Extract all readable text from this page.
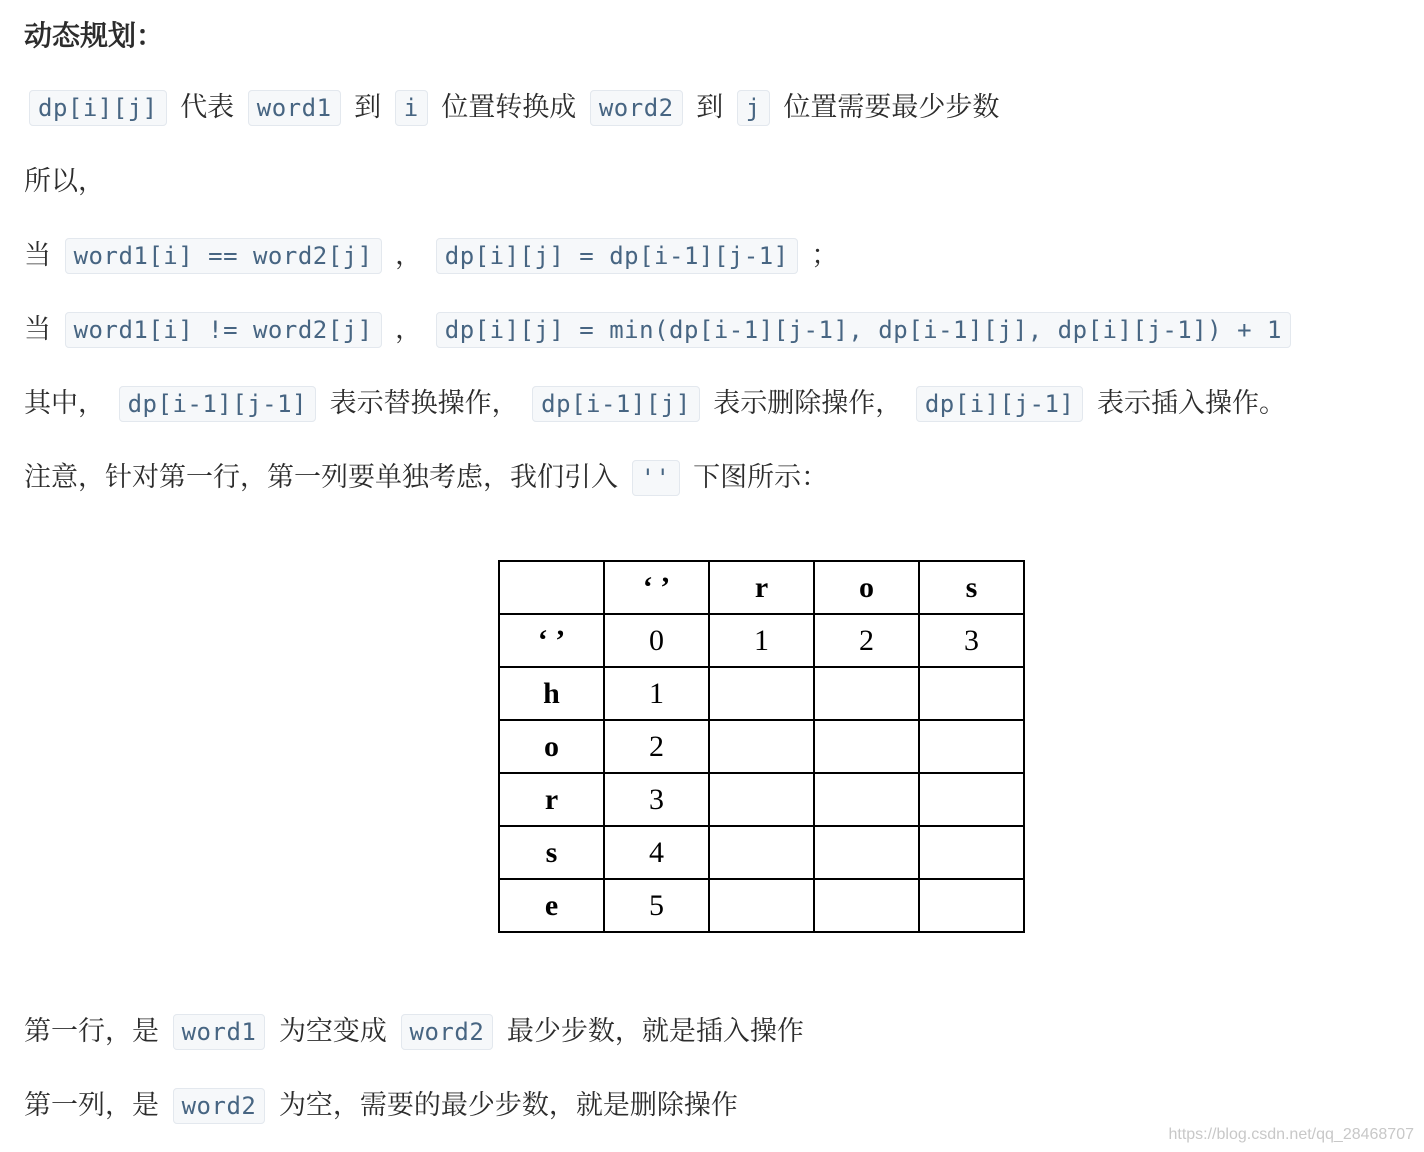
动态规划：
dp[i][j] 代表 word1 到 i 位置转换成 word2 到 j 位置需要最少步数
所以，
当 word1[i] == word2[j] ， dp[i][j] = dp[i-1][j-1] ；
当 word1[i] != word2[j] ， dp[i][j] = min(dp[i-1][j-1], dp[i-1][j], dp[i][j-1]) + 1
其中， dp[i-1][j-1] 表示替换操作， dp[i-1][j] 表示删除操作， dp[i][j-1] 表示插入操作。
注意，针对第一行，第一列要单独考虑，我们引入 '' 下图所示：
	‘ ’	r	o	s
‘ ’	0	1	2	3
h	1			
o	2			
r	3			
s	4			
e	5			
第一行，是 word1 为空变成 word2 最少步数，就是插入操作
第一列，是 word2 为空，需要的最少步数，就是删除操作
https://blog.csdn.net/qq_28468707
